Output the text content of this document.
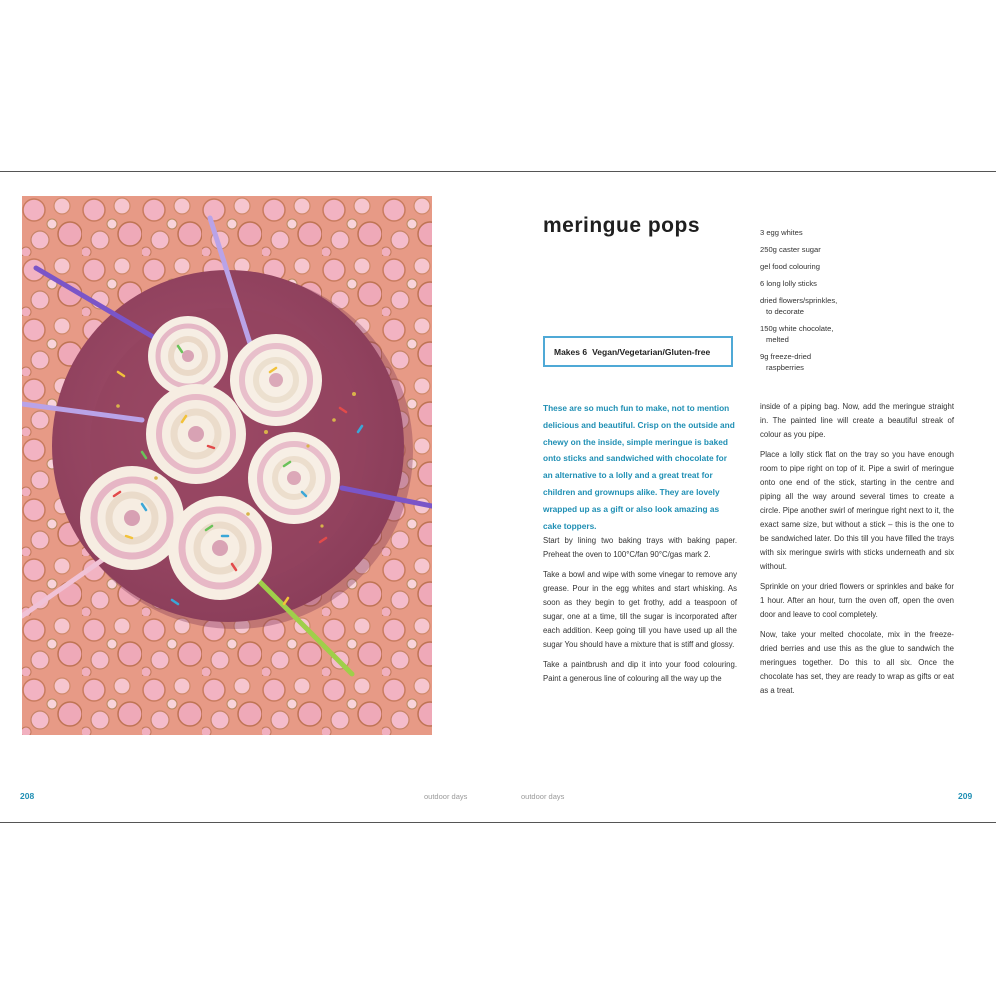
meringue pops
Makes 6 Vegan/Vegetarian/Gluten-free
3 egg whites
250g caster sugar
gel food colouring
6 long lolly sticks
dried flowers/sprinkles,
to decorate
150g white chocolate,
melted
9g freeze-dried
raspberries

These are so much fun to make, not to mention delicious and beautiful. Crisp on the outside and chewy on the inside, simple meringue is baked onto sticks and sandwiched with chocolate for an alternative to a lolly and a great treat for children and grownups alike. They are lovely wrapped up as a gift or also look amazing as cake toppers.

Start by lining two baking trays with baking paper. Preheat the oven to 100°C/fan 90°C/gas mark 2.

Take a bowl and wipe with some vinegar to remove any grease. Pour in the egg whites and start whisking. As soon as they begin to get frothy, add a teaspoon of sugar, one at a time, till the sugar is incorporated after each addition. Keep going till you have used up all the sugar You should have a mixture that is stiff and glossy.

Take a paintbrush and dip it into your food colouring. Paint a generous line of colouring all the way up the

inside of a piping bag. Now, add the meringue straight in. The painted line will create a beautiful streak of colour as you pipe.

Place a lolly stick flat on the tray so you have enough room to pipe right on top of it. Pipe a swirl of meringue onto one end of the stick, starting in the centre and piping all the way around several times to create a circle. Pipe another swirl of meringue right next to it, the exact same size, but without a stick – this is the one to be sandwiched later. Do this till you have filled the trays with six meringue swirls with sticks underneath and six without.

Sprinkle on your dried flowers or sprinkles and bake for 1 hour. After an hour, turn the oven off, open the oven door and leave to cool completely.

Now, take your melted chocolate, mix in the freeze-dried berries and use this as the glue to sandwich the meringues together. Do this to all six. Once the chocolate has set, they are ready to wrap as gifts or eat as a treat.

208	outdoor days	outdoor days	209
